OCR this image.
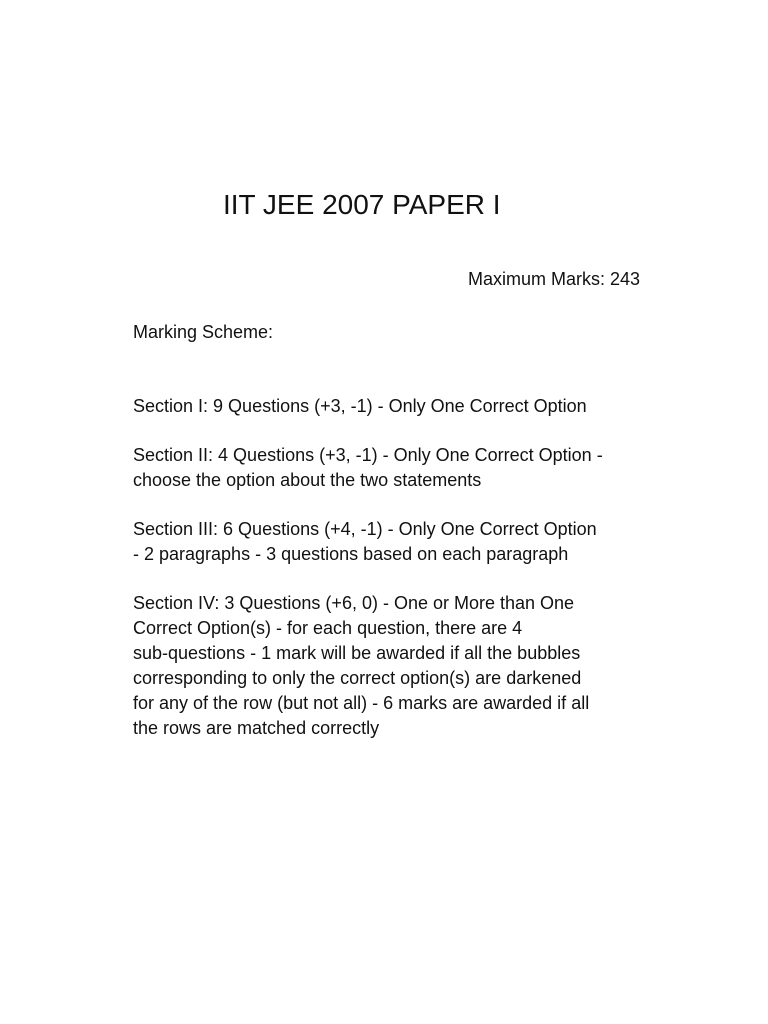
IIT JEE 2007 PAPER I
Maximum Marks: 243
Marking Scheme:

Section I: 9 Questions (+3, -1) - Only One Correct Option

Section II: 4 Questions (+3, -1) - Only One Correct Option -
choose the option about the two statements

Section III: 6 Questions (+4, -1) - Only One Correct Option
- 2 paragraphs - 3 questions based on each paragraph

Section IV: 3 Questions (+6, 0) - One or More than One
Correct Option(s) - for each question, there are 4
sub-questions - 1 mark will be awarded if all the bubbles
corresponding to only the correct option(s) are darkened
for any of the row (but not all) - 6 marks are awarded if all
the rows are matched correctly
